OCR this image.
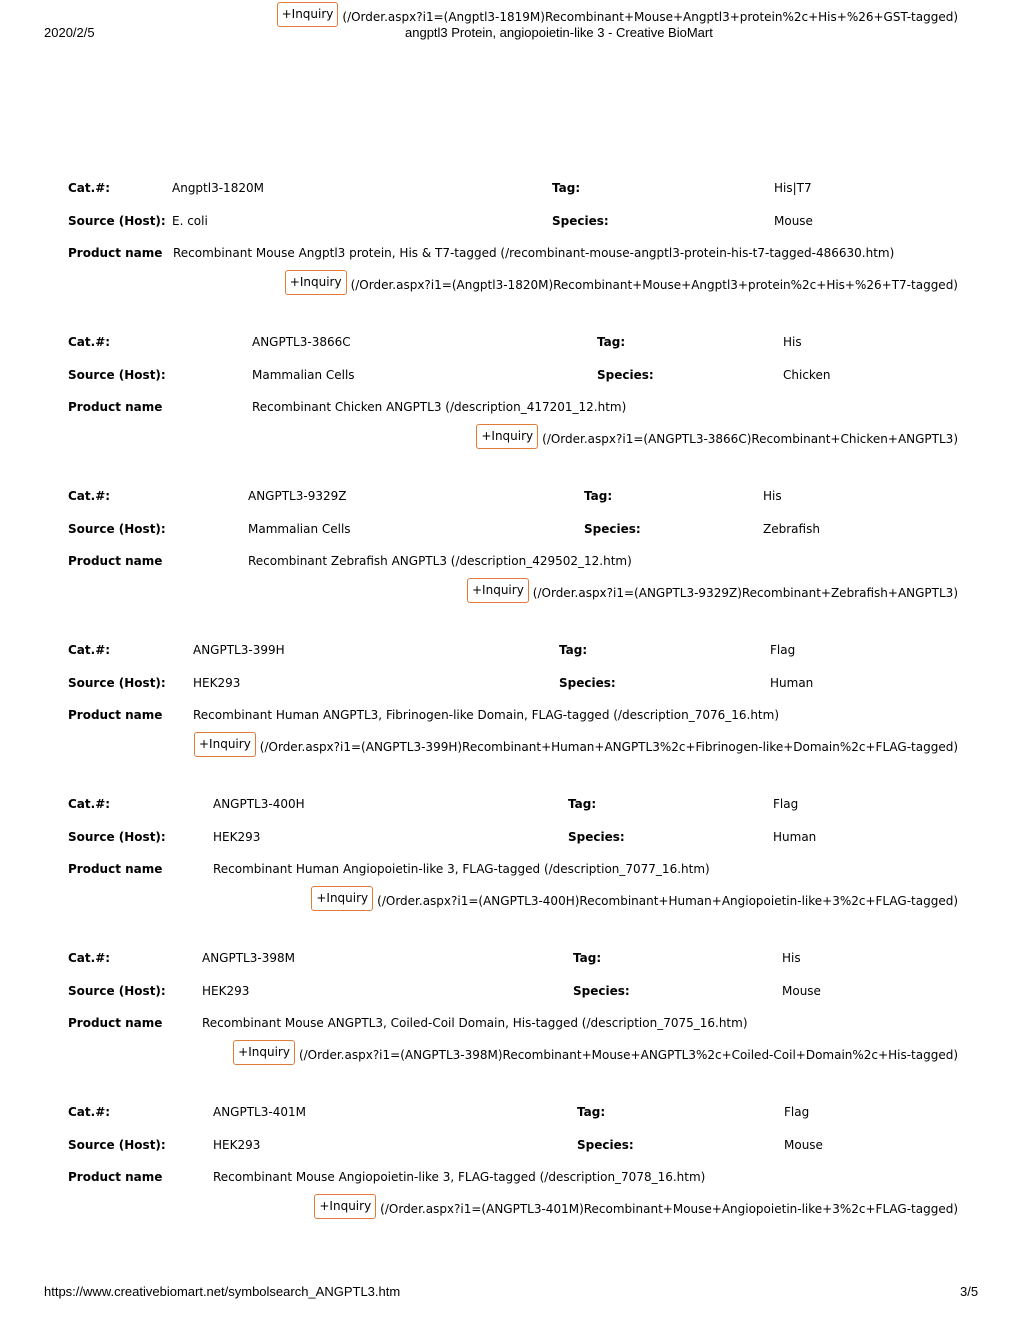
2020/2/5	angptl3 Protein, angiopoietin-like 3 - Creative BioMart
+Inquiry (/Order.aspx?i1=(Angptl3-1819M)Recombinant+Mouse+Angptl3+protein%2c+His+%26+GST-tagged)
Cat.#:	Angptl3-1820M	Tag:	His|T7
Source (Host): E. coli	Species:	Mouse
Product name Recombinant Mouse Angptl3 protein, His & T7-tagged (/recombinant-mouse-angptl3-protein-his-t7-tagged-486630.htm)
+Inquiry (/Order.aspx?i1=(Angptl3-1820M)Recombinant+Mouse+Angptl3+protein%2c+His+%26+T7-tagged)
Cat.#:	ANGPTL3-3866C	Tag:	His
Source (Host):	Mammalian Cells	Species:	Chicken
Product name	Recombinant Chicken ANGPTL3 (/description_417201_12.htm)
+Inquiry (/Order.aspx?i1=(ANGPTL3-3866C)Recombinant+Chicken+ANGPTL3)
Cat.#:	ANGPTL3-9329Z	Tag:	His
Source (Host):	Mammalian Cells	Species:	Zebrafish
Product name	Recombinant Zebrafish ANGPTL3 (/description_429502_12.htm)
+Inquiry (/Order.aspx?i1=(ANGPTL3-9329Z)Recombinant+Zebrafish+ANGPTL3)
Cat.#:	ANGPTL3-399H	Tag:	Flag
Source (Host): HEK293	Species:	Human
Product name	Recombinant Human ANGPTL3, Fibrinogen-like Domain, FLAG-tagged (/description_7076_16.htm)
+Inquiry (/Order.aspx?i1=(ANGPTL3-399H)Recombinant+Human+ANGPTL3%2c+Fibrinogen-like+Domain%2c+FLAG-tagged)
Cat.#:	ANGPTL3-400H	Tag:	Flag
Source (Host):	HEK293	Species:	Human
Product name	Recombinant Human Angiopoietin-like 3, FLAG-tagged (/description_7077_16.htm)
+Inquiry (/Order.aspx?i1=(ANGPTL3-400H)Recombinant+Human+Angiopoietin-like+3%2c+FLAG-tagged)
Cat.#:	ANGPTL3-398M	Tag:	His
Source (Host):	HEK293	Species:	Mouse
Product name	Recombinant Mouse ANGPTL3, Coiled-Coil Domain, His-tagged (/description_7075_16.htm)
+Inquiry (/Order.aspx?i1=(ANGPTL3-398M)Recombinant+Mouse+ANGPTL3%2c+Coiled-Coil+Domain%2c+His-tagged)
Cat.#:	ANGPTL3-401M	Tag:	Flag
Source (Host):	HEK293	Species:	Mouse
Product name	Recombinant Mouse Angiopoietin-like 3, FLAG-tagged (/description_7078_16.htm)
+Inquiry (/Order.aspx?i1=(ANGPTL3-401M)Recombinant+Mouse+Angiopoietin-like+3%2c+FLAG-tagged)
https://www.creativebiomart.net/symbolsearch_ANGPTL3.htm	3/5
